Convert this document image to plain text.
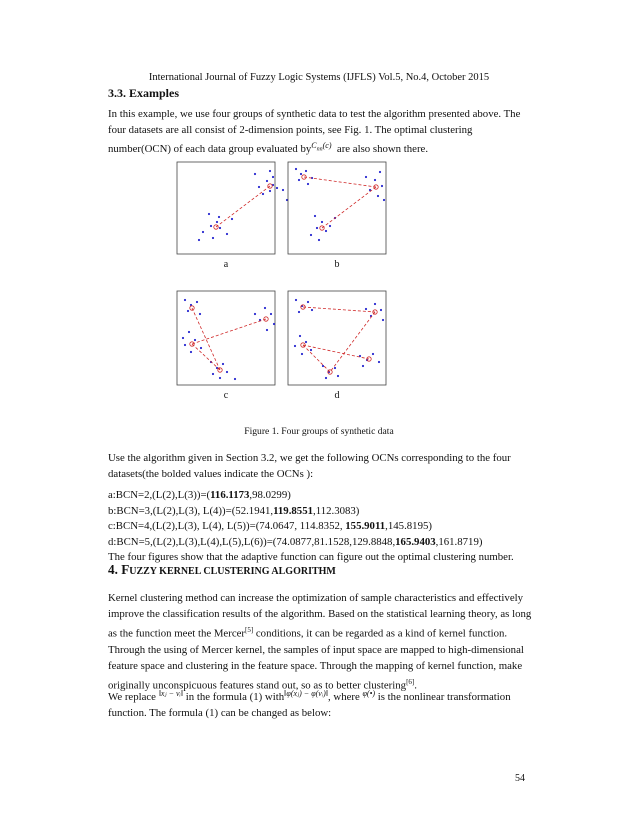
International Journal of Fuzzy Logic Systems (IJFLS) Vol.5, No.4, October 2015
3.3. Examples
In this example, we use four groups of synthetic data to test the algorithm presented above. The
four datasets are all consist of 2-dimension points, see Fig. 1. The optimal clustering
number(OCN) of each data group evaluated $by^{C_{nn}(c)}$ are also shown there.
a	b
c	d
Figure 1. Four groups of synthetic data
Use the algorithm given in Section 3.2, we get the following OCNs corresponding to the four
datasets(the bolded values indicate the OCNs ):
a:BCN=2,(L(2),L(3))=(116.1173,98.0299)
b:BCN=3,(L(2),L(3), L(4))=(52.1941,119.8551,112.3083)
c:BCN=4,(L(2),L(3), L(4), L(5))=(74.0647, 114.8352, 155.9011,145.8195)
d:BCN=5,(L(2),L(3),L(4),L(5),L(6))=(74.0877,81.1528,129.8848,165.9403,161.8719)
The four figures show that the adaptive function can figure out the optimal clustering number.
4. FUZZY KERNEL CLUSTERING ALGORITHM
Kernel clustering method can increase the optimization of sample characteristics and effectively
improve the classification results of the algorithm. Based on the statistical learning theory, as long
as the function meet the Mercer[5] conditions, it can be regarded as a kind of kernel function.
Through the using of Mercer kernel, the samples of input space are mapped to high-dimensional
feature space and clustering in the feature space. Through the mapping of kernel function, make
originally unconspicuous features stand out, so as to better clustering[6].
We replace $^{‖xⱼ - vᵢ‖}$ in the formula (1) with$^{‖\varphi(xⱼ) - \varphi(vᵢ)‖}$, where $^{\varphi(•)}$ is the nonlinear transformation
function. The formula (1) can be changed as below:
54
